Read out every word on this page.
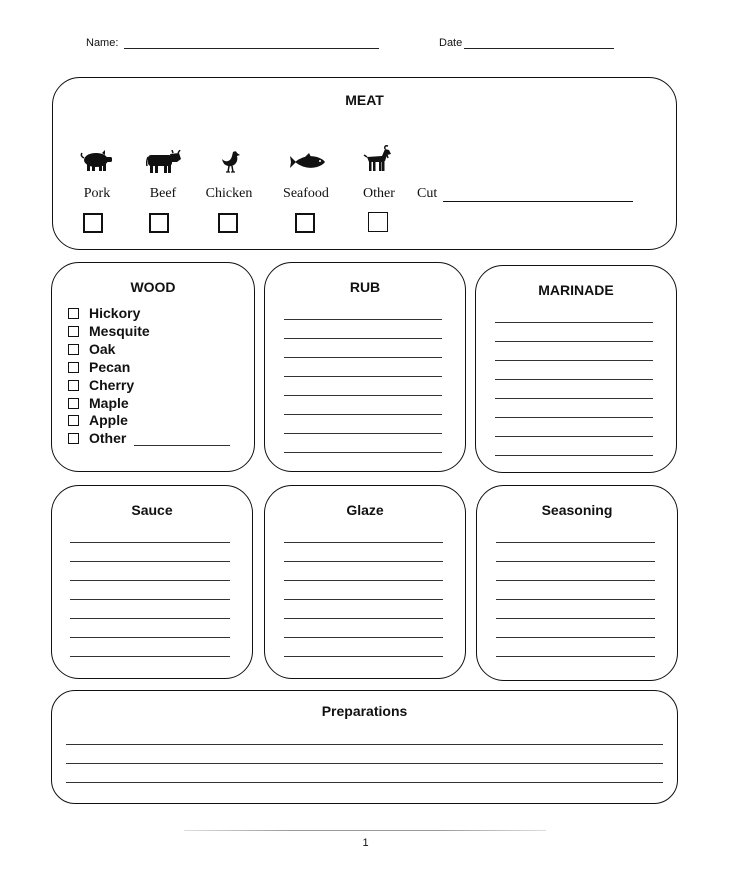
Name:	Date
MEAT
Pork	Beef	Chicken	Seafood	Other	Cut
WOOD
Hickory
Mesquite
Oak
Pecan
Cherry
Maple
Apple
Other
RUB	MARINADE
Sauce	Glaze	Seasoning
Preparations
1
